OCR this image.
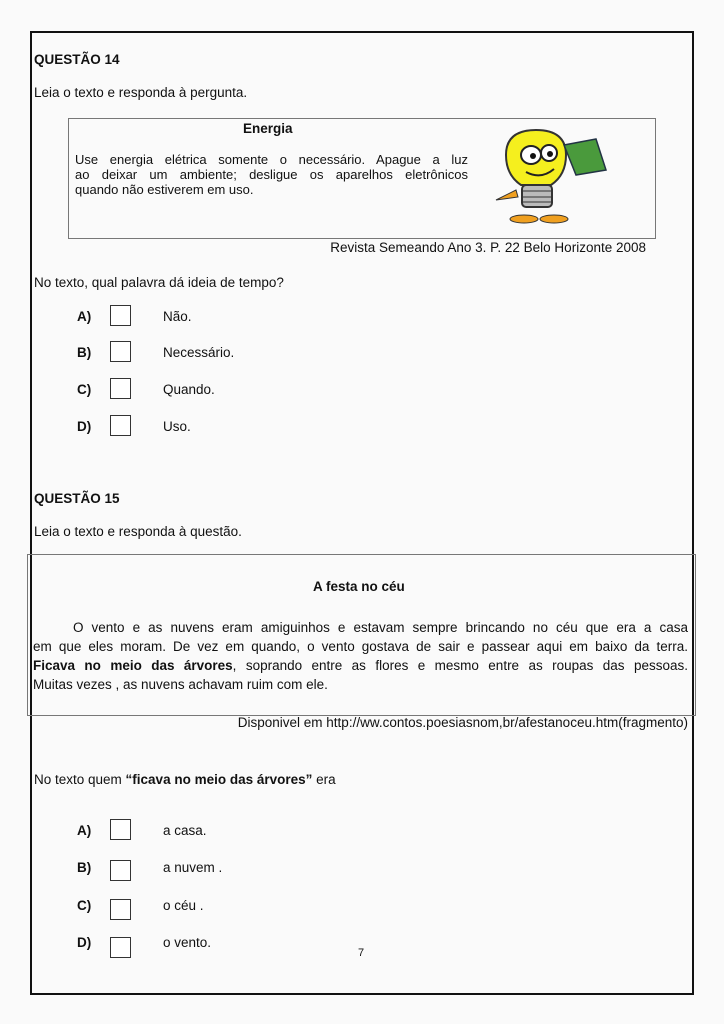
QUESTÃO 14
Leia o texto e responda à pergunta.
Energia
Use energia elétrica somente o necessário. Apague a luz
ao deixar um ambiente; desligue os aparelhos eletrônicos
quando não estiverem em uso.
Revista Semeando Ano 3. P. 22 Belo Horizonte 2008
No texto, qual palavra dá ideia de tempo?
A)	Não.
B)	Necessário.
C)	Quando.
D)	Uso.
QUESTÃO 15
Leia o texto e responda à questão.
A festa no céu
O vento e as nuvens eram amiguinhos e estavam sempre brincando no céu que era a casa
em que eles moram. De vez em quando, o vento gostava de sair e passear aqui em baixo da terra.
Ficava no meio das árvores, soprando entre as flores e mesmo entre as roupas das pessoas.
Muitas vezes , as nuvens achavam ruim com ele.
Disponivel em http://ww.contos.poesiasnom,br/afestanoceu.htm(fragmento)
No texto quem “ficava no meio das árvores” era
A)	a casa.
B)	a nuvem .
C)	o céu .
D)	o vento.
7
